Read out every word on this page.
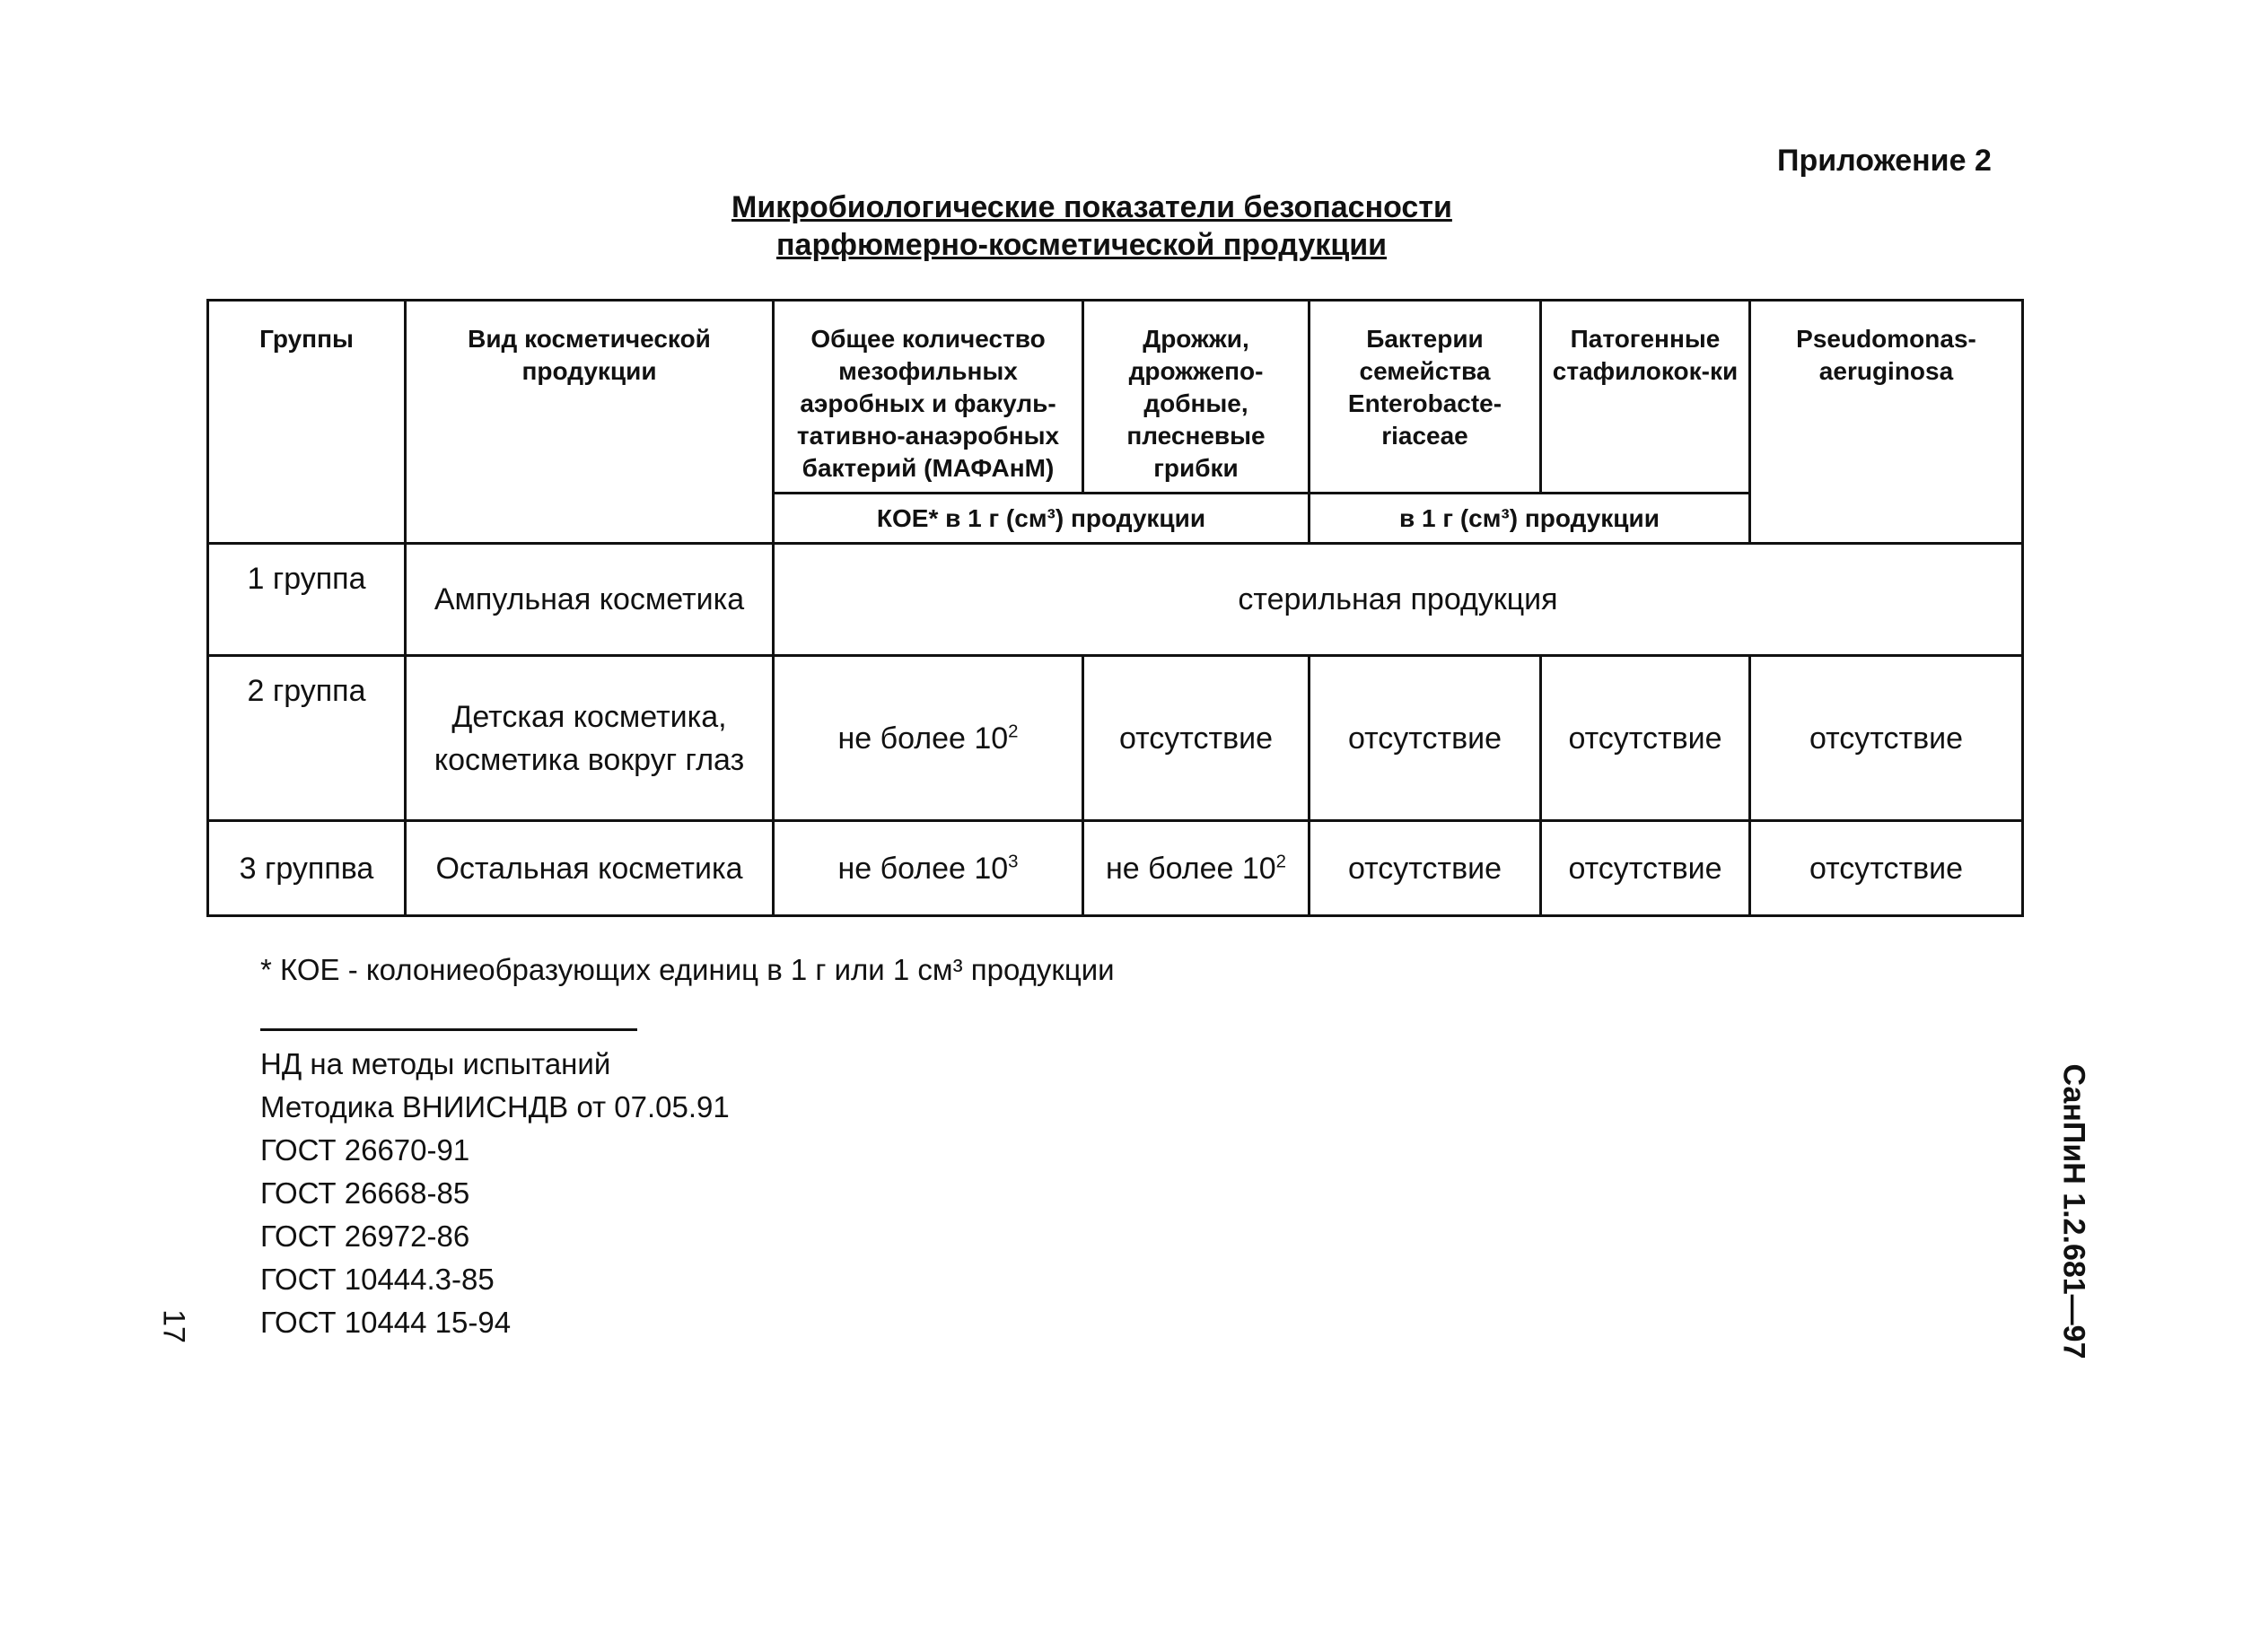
Приложение 2
Микробиологические показатели безопасности
парфюмерно-косметической продукции
Группы	Вид косметической продукции	Общее количество мезофильных аэробных и факуль-тативно-анаэробных бактерий (МАФАнМ)	Дрожжи, дрожжепо-добные, плесневые грибки	Бактерии семейства Enterobacte-riaceae	Патогенные стафилокок-ки	Pseudomonas-aeruginosa
		КОЕ* в 1 г (см³) продукции		в 1 г (см³) продукции		
1 группа	Ампульная косметика	стерильная продукция				
2 группа	Детская косметика, косметика вокруг глаз	не более $10^2$	отсутствие	отсутствие	отсутствие	отсутствие
3 группва	Остальная косметика	не более $10^3$	не более $10^2$	отсутствие	отсутствие	отсутствие
* КОЕ - колониеобразующих единиц в 1 г или 1 см³ продукции
НД на методы испытаний
Методика ВНИИСНДВ от 07.05.91
ГОСТ 26670-91
ГОСТ 26668-85
ГОСТ 26972-86
ГОСТ 10444.3-85
ГОСТ 10444 15-94	СанПиН 1.2.681—97
17
